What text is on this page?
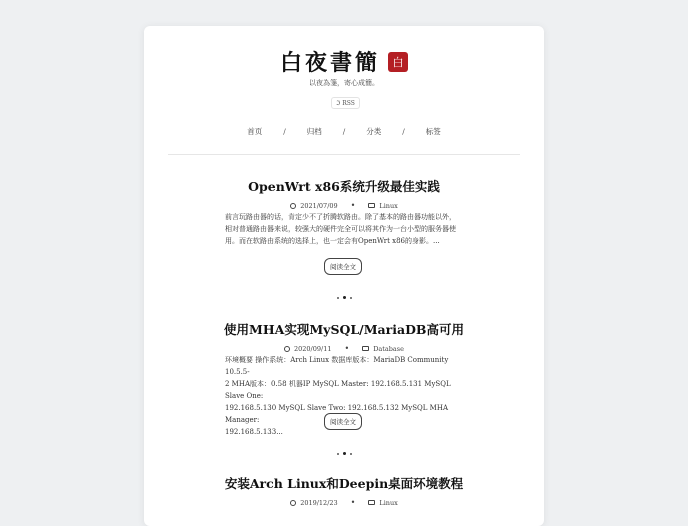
白夜書簡	白
以夜為箋，寄心成簡。
ℑ RSS
首页	/	归档	/	分类	/	标签
OpenWrt x86系统升级最佳实践
2021/07/09 •	Linux
前言玩路由器的话，肯定少不了折腾软路由。除了基本的路由器功能以外，
相对普通路由器来说，较强大的硬件完全可以将其作为一台小型的服务器使
用。而在软路由系统的选择上，也一定会有OpenWrt x86的身影。...
阅读全文
使用MHA实现MySQL/MariaDB高可用
2020/09/11 •	Database
环境概要 操作系统：Arch Linux 数据库版本：MariaDB Community 10.5.5-
2 MHA版本：0.58 机器IP MySQL Master: 192.168.5.131 MySQL Slave One:
192.168.5.130 MySQL Slave Two: 192.168.5.132 MySQL MHA Manager:
192.168.5.133...
阅读全文
安装Arch Linux和Deepin桌面环境教程
2019/12/23 •	Linux
